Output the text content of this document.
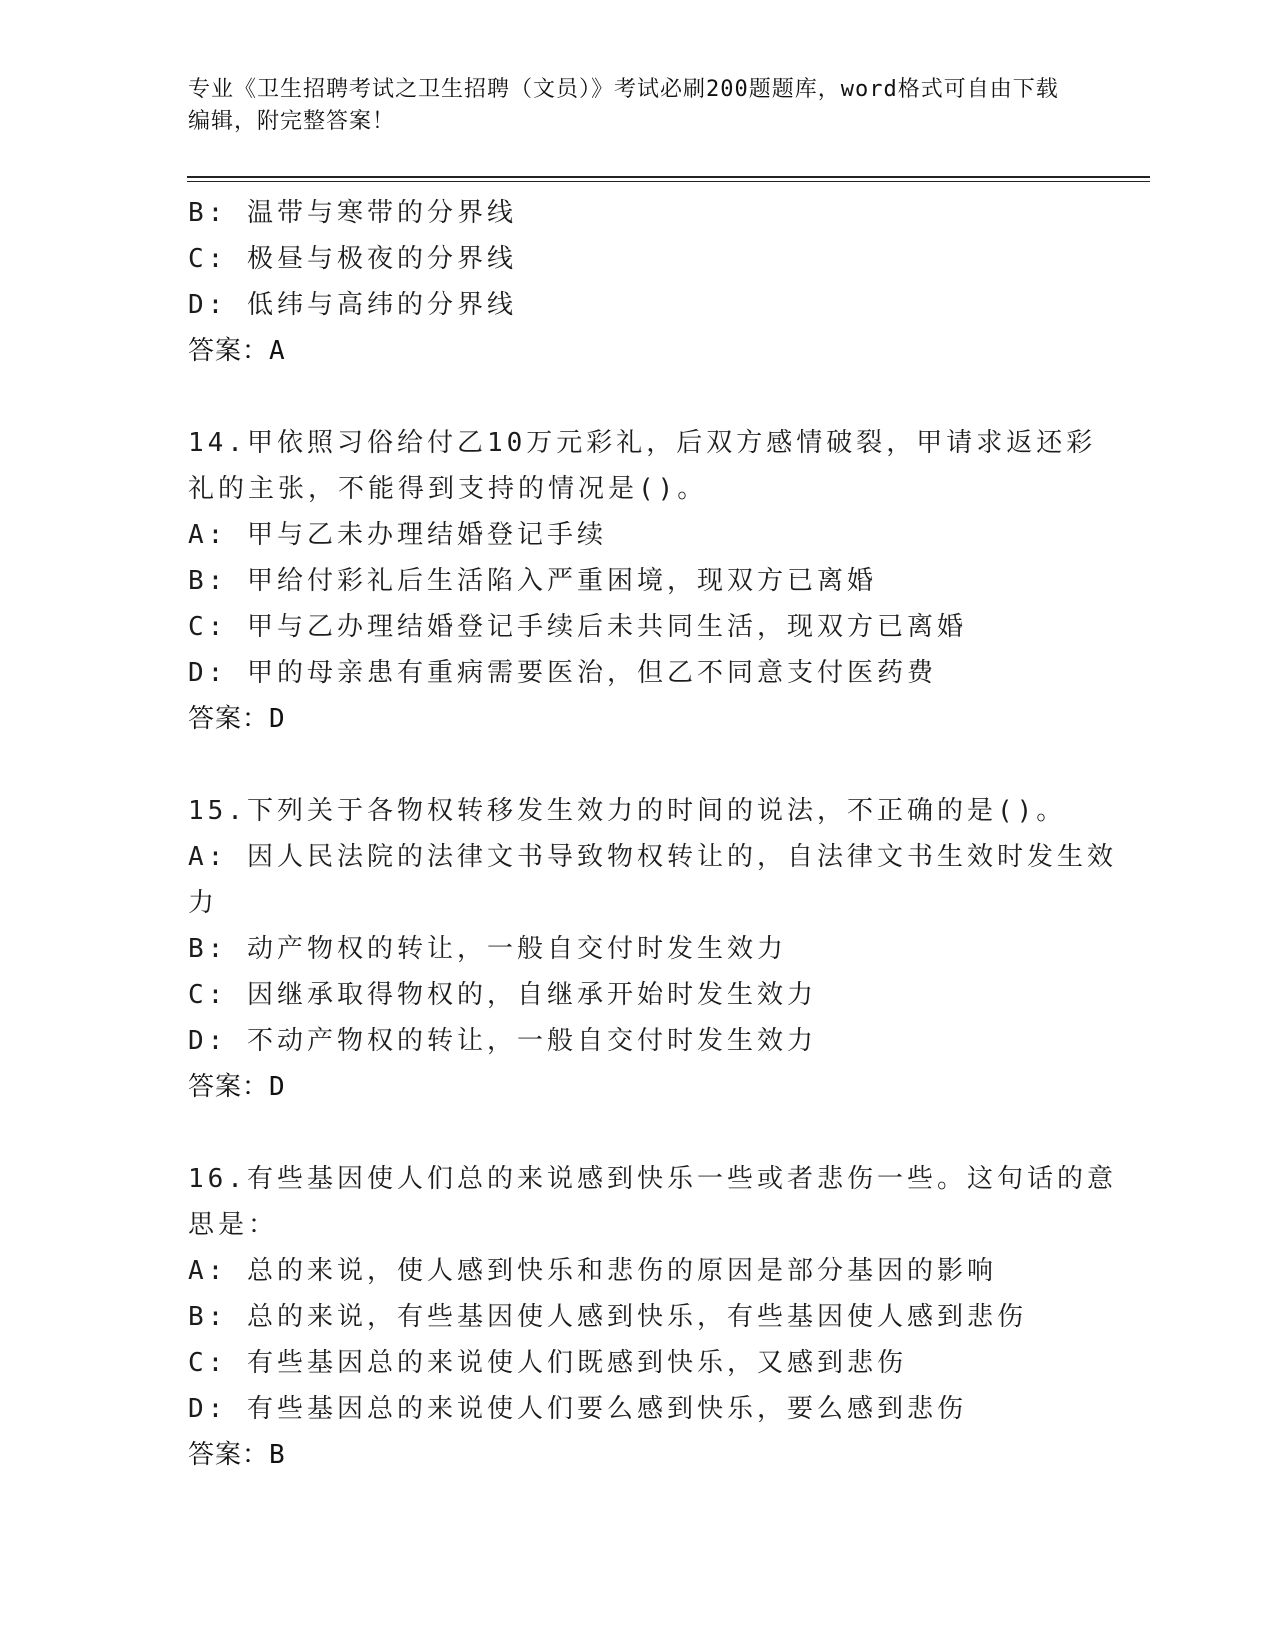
专业《卫生招聘考试之卫生招聘（文员）》考试必刷200题题库，word格式可自由下载编辑，附完整答案！
B: 温带与寒带的分界线
C: 极昼与极夜的分界线
D: 低纬与高纬的分界线
答案：A
14.甲依照习俗给付乙10万元彩礼，后双方感情破裂，甲请求返还彩
礼的主张，不能得到支持的情况是()。
A: 甲与乙未办理结婚登记手续
B: 甲给付彩礼后生活陷入严重困境，现双方已离婚
C: 甲与乙办理结婚登记手续后未共同生活，现双方已离婚
D: 甲的母亲患有重病需要医治，但乙不同意支付医药费
答案：D
15.下列关于各物权转移发生效力的时间的说法，不正确的是()。
A: 因人民法院的法律文书导致物权转让的，自法律文书生效时发生效
力
B: 动产物权的转让，一般自交付时发生效力
C: 因继承取得物权的，自继承开始时发生效力
D: 不动产物权的转让，一般自交付时发生效力
答案：D
16.有些基因使人们总的来说感到快乐一些或者悲伤一些。这句话的意
思是：
A: 总的来说，使人感到快乐和悲伤的原因是部分基因的影响
B: 总的来说，有些基因使人感到快乐，有些基因使人感到悲伤
C: 有些基因总的来说使人们既感到快乐，又感到悲伤
D: 有些基因总的来说使人们要么感到快乐，要么感到悲伤
答案：B
